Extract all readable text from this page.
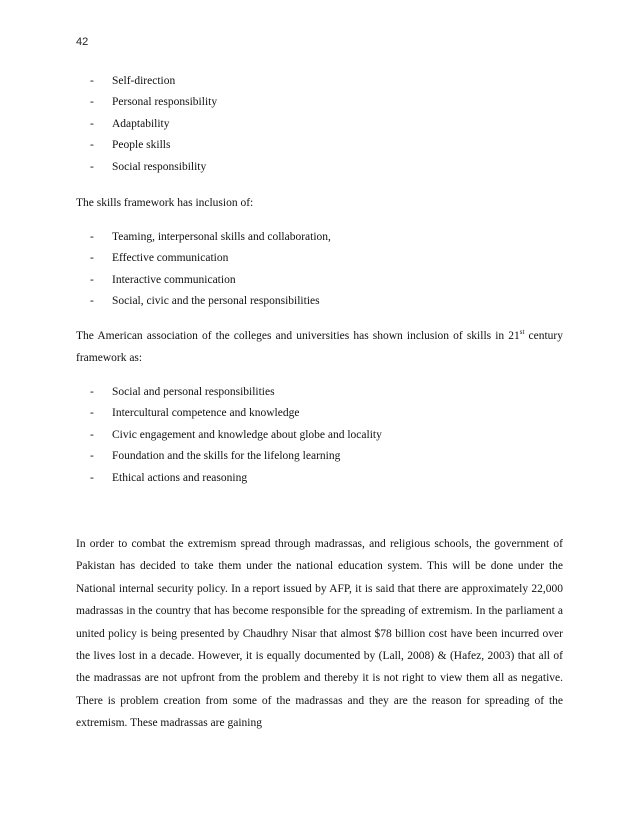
42
-	Self-direction
-	Personal responsibility
-	Adaptability
-	People skills
-	Social responsibility

The skills framework has inclusion of:

-	Teaming, interpersonal skills and collaboration,
-	Effective communication
-	Interactive communication
-	Social, civic and the personal responsibilities

The American association of the colleges and universities has shown inclusion of skills in 21st century framework as:

-	Social and personal responsibilities
-	Intercultural competence and knowledge
-	Civic engagement and knowledge about globe and locality
-	Foundation and the skills for the lifelong learning
-	Ethical actions and reasoning

In order to combat the extremism spread through madrassas, and religious schools, the government of Pakistan has decided to take them under the national education system. This will be done under the National internal security policy. In a report issued by AFP, it is said that there are approximately 22,000 madrassas in the country that has become responsible for the spreading of extremism. In the parliament a united policy is being presented by Chaudhry Nisar that almost $78 billion cost have been incurred over the lives lost in a decade. However, it is equally documented by (Lall, 2008) & (Hafez, 2003) that all of the madrassas are not upfront from the problem and thereby it is not right to view them all as negative. There is problem creation from some of the madrassas and they are the reason for spreading of the extremism. These madrassas are gaining
